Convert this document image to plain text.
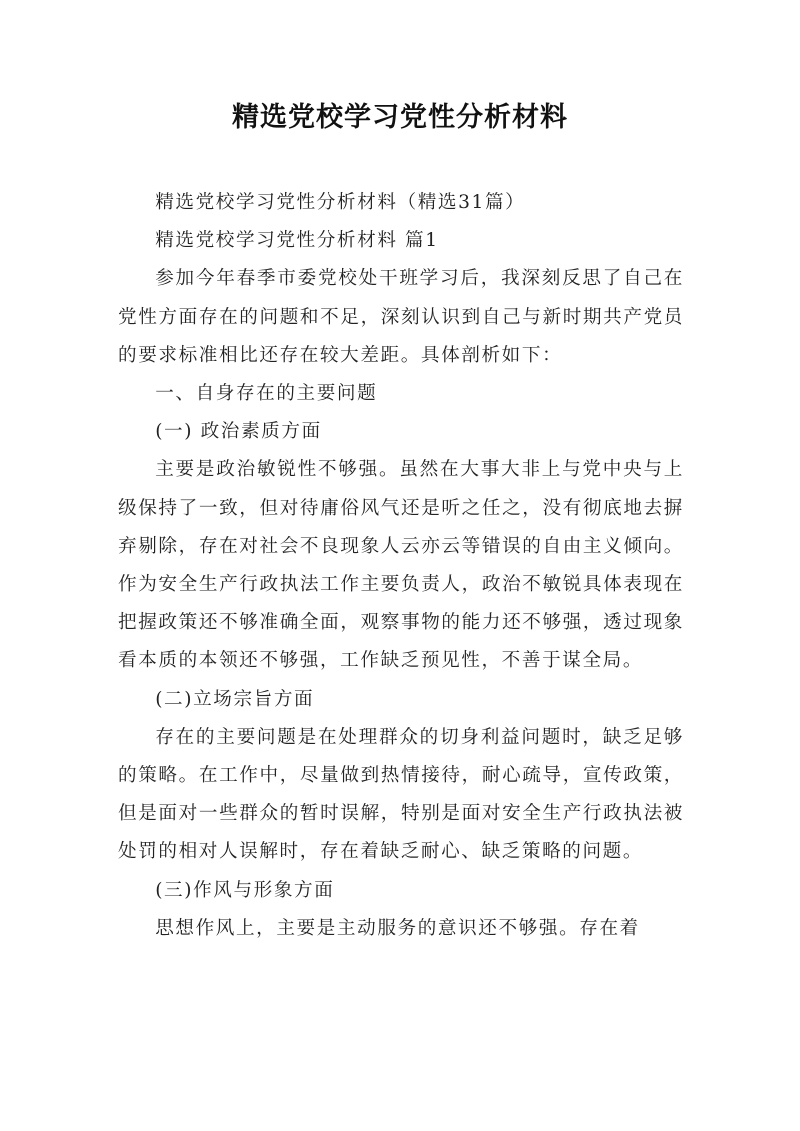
精选党校学习党性分析材料

精选党校学习党性分析材料（精选31篇）

精选党校学习党性分析材料 篇1

参加今年春季市委党校处干班学习后，我深刻反思了自己在党性方面存在的问题和不足，深刻认识到自己与新时期共产党员的要求标准相比还存在较大差距。具体剖析如下：

一、自身存在的主要问题

(一) 政治素质方面

主要是政治敏锐性不够强。虽然在大事大非上与党中央与上级保持了一致，但对待庸俗风气还是听之任之，没有彻底地去摒弃剔除，存在对社会不良现象人云亦云等错误的自由主义倾向。作为安全生产行政执法工作主要负责人，政治不敏锐具体表现在把握政策还不够准确全面，观察事物的能力还不够强，透过现象看本质的本领还不够强，工作缺乏预见性，不善于谋全局。

(二)立场宗旨方面

存在的主要问题是在处理群众的切身利益问题时，缺乏足够的策略。在工作中，尽量做到热情接待，耐心疏导，宣传政策，但是面对一些群众的暂时误解，特别是面对安全生产行政执法被处罚的相对人误解时，存在着缺乏耐心、缺乏策略的问题。

(三)作风与形象方面

思想作风上，主要是主动服务的意识还不够强。存在着
